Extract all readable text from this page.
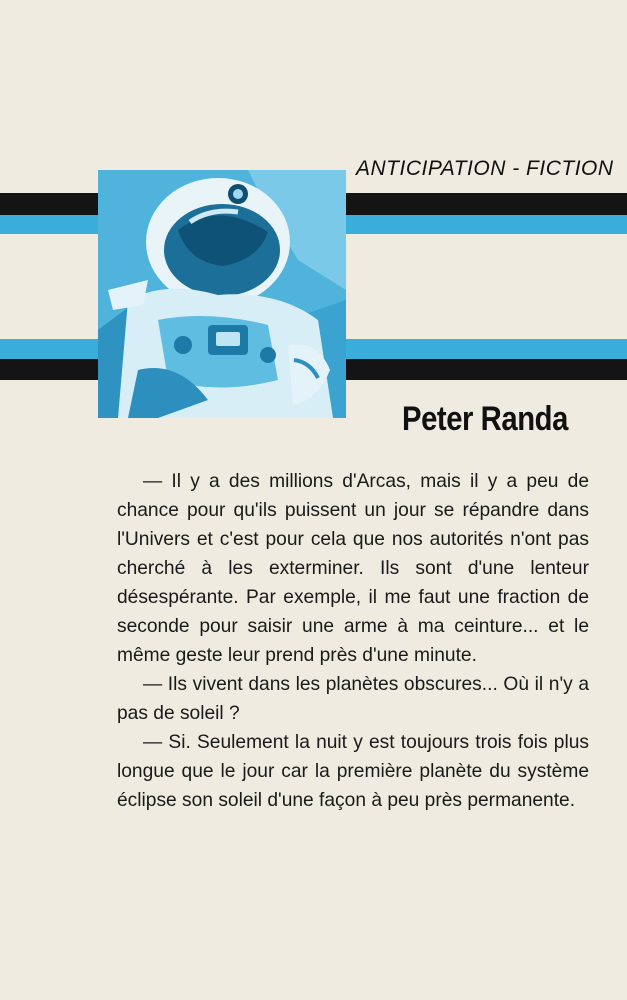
ANTICIPATION - FICTION
Peter Randa

— Il y a des millions d'Arcas, mais il y a peu de chance pour qu'ils puissent un jour se répandre dans l'Univers et c'est pour cela que nos autorités n'ont pas cherché à les exterminer. Ils sont d'une lenteur désespérante. Par exemple, il me faut une fraction de seconde pour saisir une arme à ma ceinture... et le même geste leur prend près d'une minute.

— Ils vivent dans les planètes obscures... Où il n'y a pas de soleil ?

— Si. Seulement la nuit y est toujours trois fois plus longue que le jour car la première planète du système éclipse son soleil d'une façon à peu près permanente.
